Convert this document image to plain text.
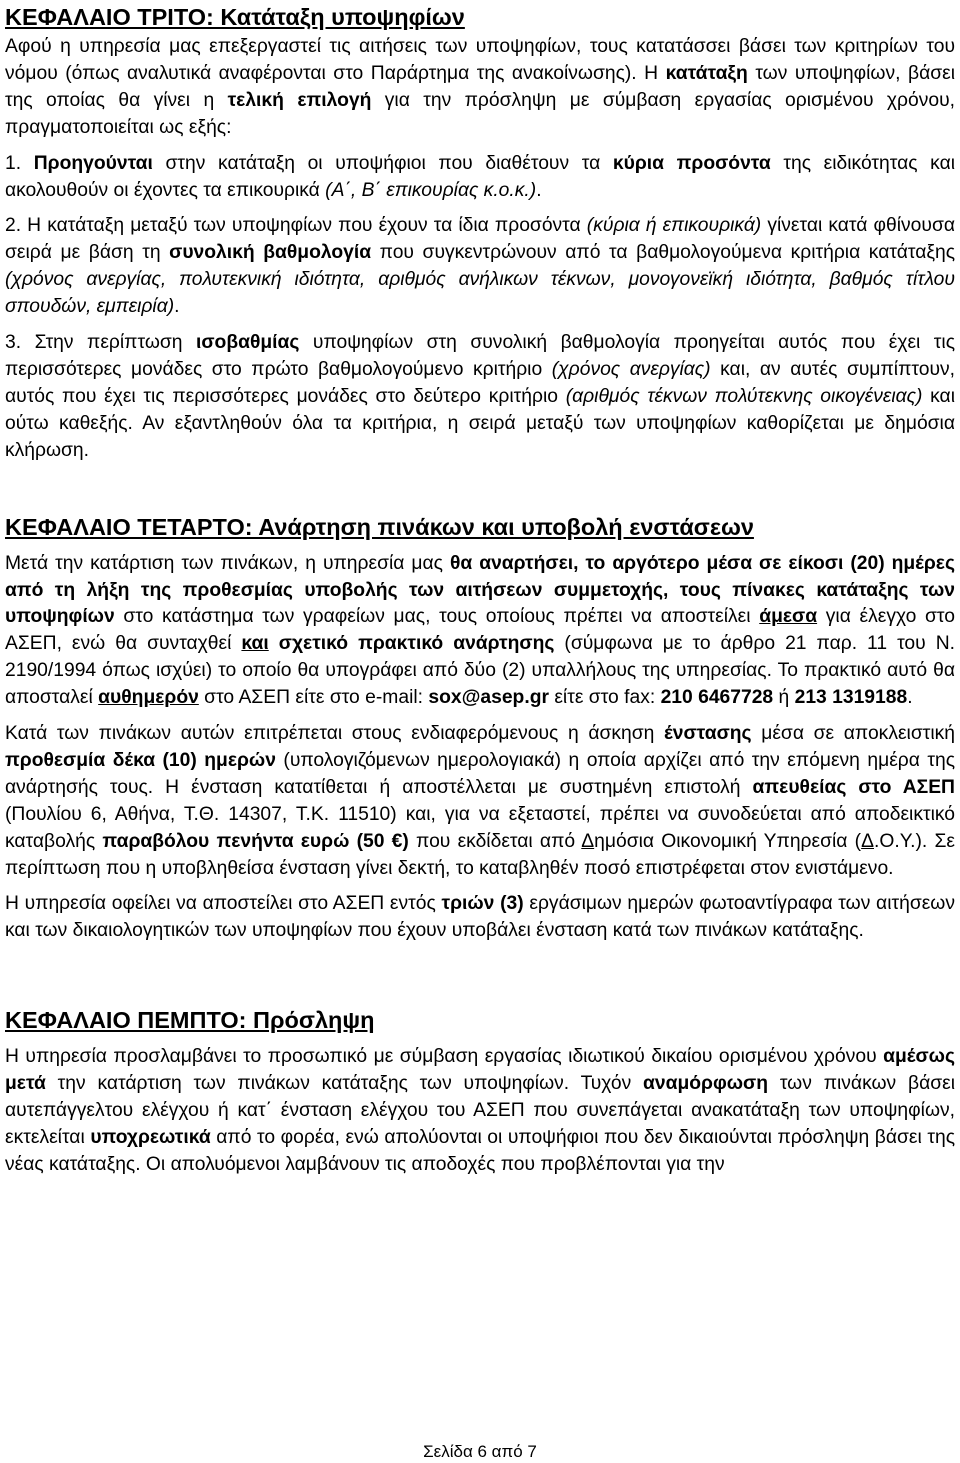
ΚΕΦΑΛΑΙΟ ΤΡΙΤΟ: Κατάταξη υποψηφίων

Αφού η υπηρεσία μας επεξεργαστεί τις αιτήσεις των υποψηφίων, τους κατατάσσει βάσει των κριτηρίων του νόμου (όπως αναλυτικά αναφέρονται στο Παράρτημα της ανακοίνωσης). Η κατάταξη των υποψηφίων, βάσει της οποίας θα γίνει η τελική επιλογή για την πρόσληψη με σύμβαση εργασίας ορισμένου χρόνου, πραγματοποιείται ως εξής:

1. Προηγούνται στην κατάταξη οι υποψήφιοι που διαθέτουν τα κύρια προσόντα της ειδικότητας και ακολουθούν οι έχοντες τα επικουρικά (Α΄, Β΄ επικουρίας κ.ο.κ.).

2. Η κατάταξη μεταξύ των υποψηφίων που έχουν τα ίδια προσόντα (κύρια ή επικουρικά) γίνεται κατά φθίνουσα σειρά με βάση τη συνολική βαθμολογία που συγκεντρώνουν από τα βαθμολογούμενα κριτήρια κατάταξης (χρόνος ανεργίας, πολυτεκνική ιδιότητα, αριθμός ανήλικων τέκνων, μονογονεϊκή ιδιότητα, βαθμός τίτλου σπουδών, εμπειρία).

3. Στην περίπτωση ισοβαθμίας υποψηφίων στη συνολική βαθμολογία προηγείται αυτός που έχει τις περισσότερες μονάδες στο πρώτο βαθμολογούμενο κριτήριο (χρόνος ανεργίας) και, αν αυτές συμπίπτουν, αυτός που έχει τις περισσότερες μονάδες στο δεύτερο κριτήριο (αριθμός τέκνων πολύτεκνης οικογένειας) και ούτω καθεξής. Αν εξαντληθούν όλα τα κριτήρια, η σειρά μεταξύ των υποψηφίων καθορίζεται με δημόσια κλήρωση.

ΚΕΦΑΛΑΙΟ ΤΕΤΑΡΤΟ: Ανάρτηση πινάκων και υποβολή ενστάσεων

Μετά την κατάρτιση των πινάκων, η υπηρεσία μας θα αναρτήσει, το αργότερο μέσα σε είκοσι (20) ημέρες από τη λήξη της προθεσμίας υποβολής των αιτήσεων συμμετοχής, τους πίνακες κατάταξης των υποψηφίων στο κατάστημα των γραφείων μας, τους οποίους πρέπει να αποστείλει άμεσα για έλεγχο στο ΑΣΕΠ, ενώ θα συνταχθεί και σχετικό πρακτικό ανάρτησης (σύμφωνα με το άρθρο 21 παρ. 11 του Ν. 2190/1994 όπως ισχύει) το οποίο θα υπογράφει από δύο (2) υπαλλήλους της υπηρεσίας. Το πρακτικό αυτό θα αποσταλεί αυθημερόν στο ΑΣΕΠ είτε στο e-mail: sox@asep.gr είτε στο fax: 210 6467728 ή 213 1319188.

Κατά των πινάκων αυτών επιτρέπεται στους ενδιαφερόμενους η άσκηση ένστασης μέσα σε αποκλειστική προθεσμία δέκα (10) ημερών (υπολογιζόμενων ημερολογιακά) η οποία αρχίζει από την επόμενη ημέρα της ανάρτησής τους. Η ένσταση κατατίθεται ή αποστέλλεται με συστημένη επιστολή απευθείας στο ΑΣΕΠ (Πουλίου 6, Αθήνα, Τ.Θ. 14307, Τ.Κ. 11510) και, για να εξεταστεί, πρέπει να συνοδεύεται από αποδεικτικό καταβολής παραβόλου πενήντα ευρώ (50 €) που εκδίδεται από Δημόσια Οικονομική Υπηρεσία (Δ.Ο.Υ.). Σε περίπτωση που η υποβληθείσα ένσταση γίνει δεκτή, το καταβληθέν ποσό επιστρέφεται στον ενιστάμενο.

Η υπηρεσία οφείλει να αποστείλει στο ΑΣΕΠ εντός τριών (3) εργάσιμων ημερών φωτοαντίγραφα των αιτήσεων και των δικαιολογητικών των υποψηφίων που έχουν υποβάλει ένσταση κατά των πινάκων κατάταξης.

ΚΕΦΑΛΑΙΟ ΠΕΜΠΤΟ: Πρόσληψη

Η υπηρεσία προσλαμβάνει το προσωπικό με σύμβαση εργασίας ιδιωτικού δικαίου ορισμένου χρόνου αμέσως μετά την κατάρτιση των πινάκων κατάταξης των υποψηφίων. Τυχόν αναμόρφωση των πινάκων βάσει αυτεπάγγελτου ελέγχου ή κατ΄ ένσταση ελέγχου του ΑΣΕΠ που συνεπάγεται ανακατάταξη των υποψηφίων, εκτελείται υποχρεωτικά από το φορέα, ενώ απολύονται οι υποψήφιοι που δεν δικαιούνται πρόσληψη βάσει της νέας κατάταξης. Οι απολυόμενοι λαμβάνουν τις αποδοχές που προβλέπονται για την

Σελίδα 6 από 7
